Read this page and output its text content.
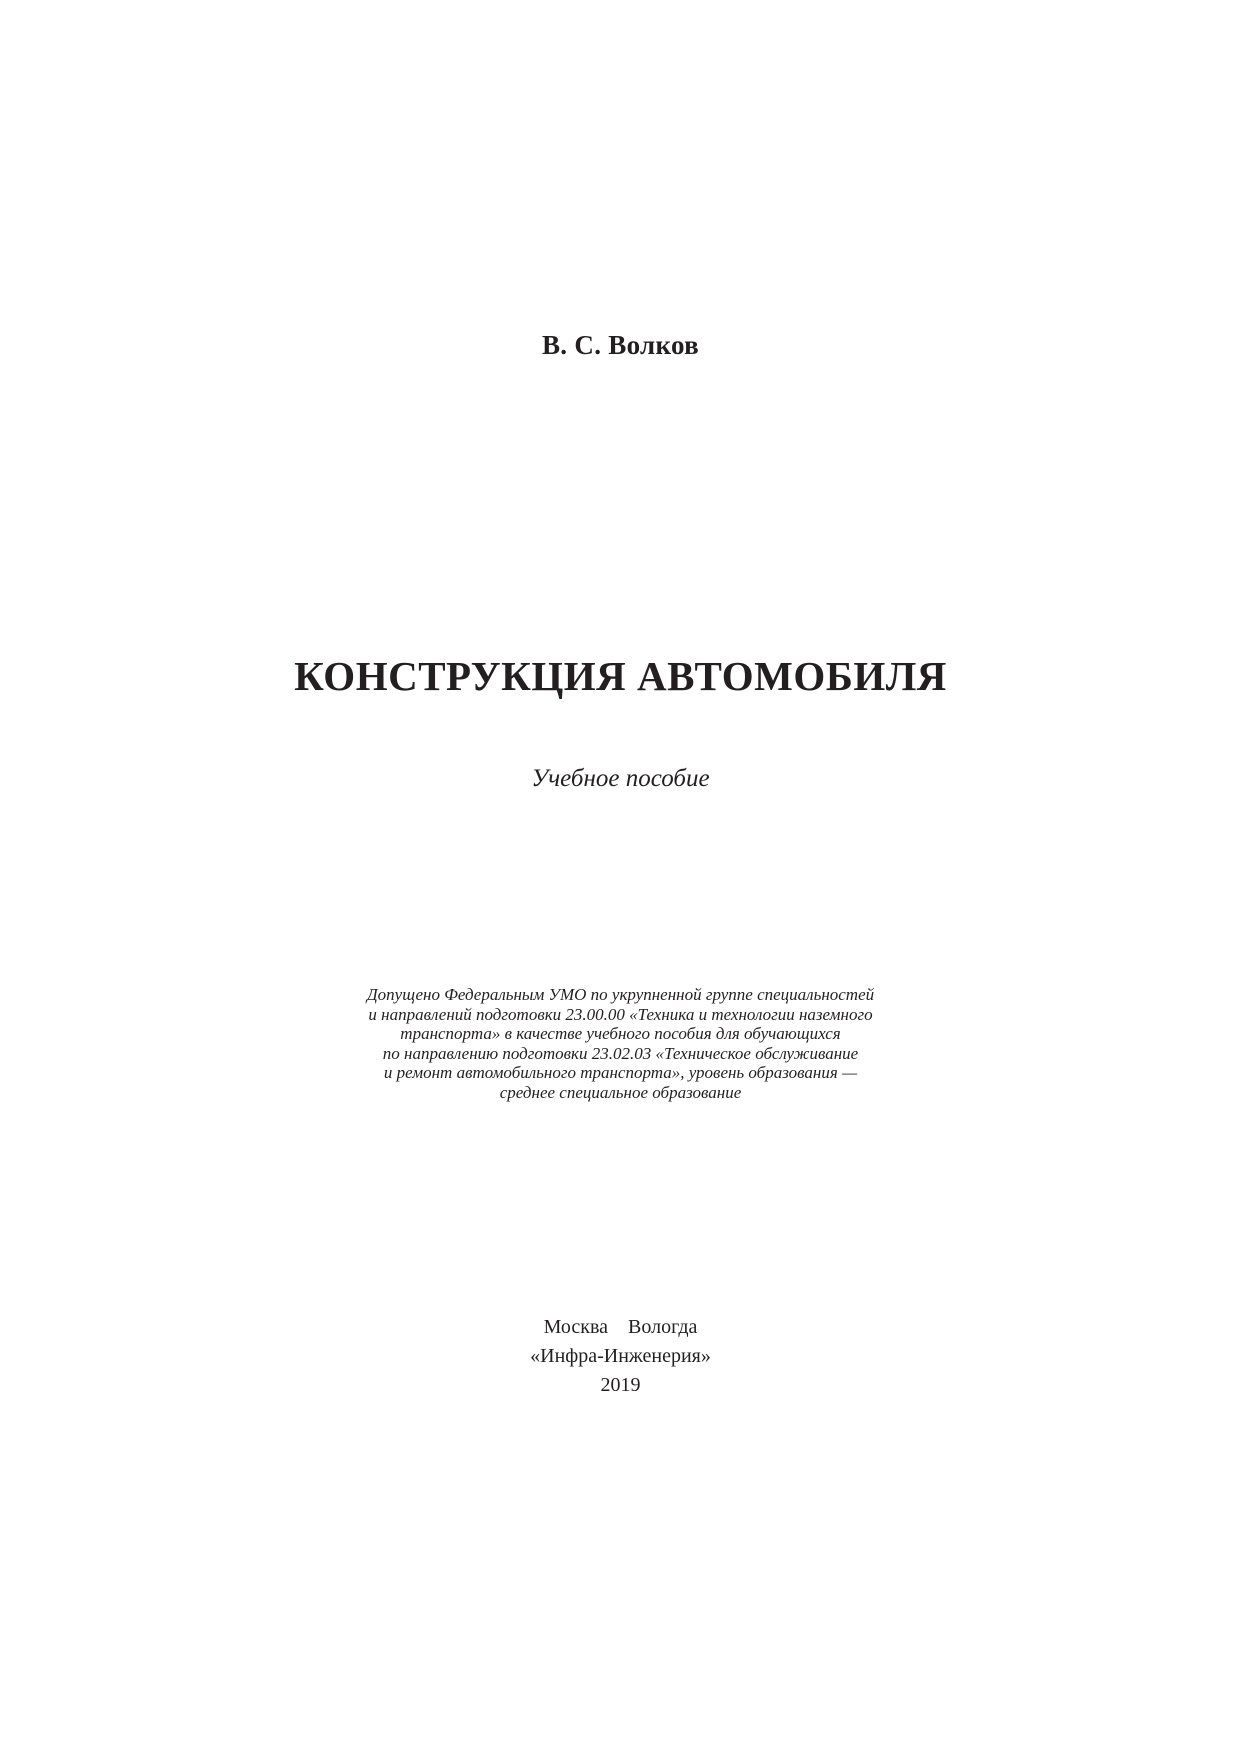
В. С. Волков
КОНСТРУКЦИЯ АВТОМОБИЛЯ
Учебное пособие
Допущено Федеральным УМО по укрупненной группе специальностей
и направлений подготовки 23.00.00 «Техника и технологии наземного
транспорта» в качестве учебного пособия для обучающихся
по направлению подготовки 23.02.03 «Техническое обслуживание
и ремонт автомобильного транспорта», уровень образования —
среднее специальное образование
Москва    Вологда
«Инфра-Инженерия»
2019
